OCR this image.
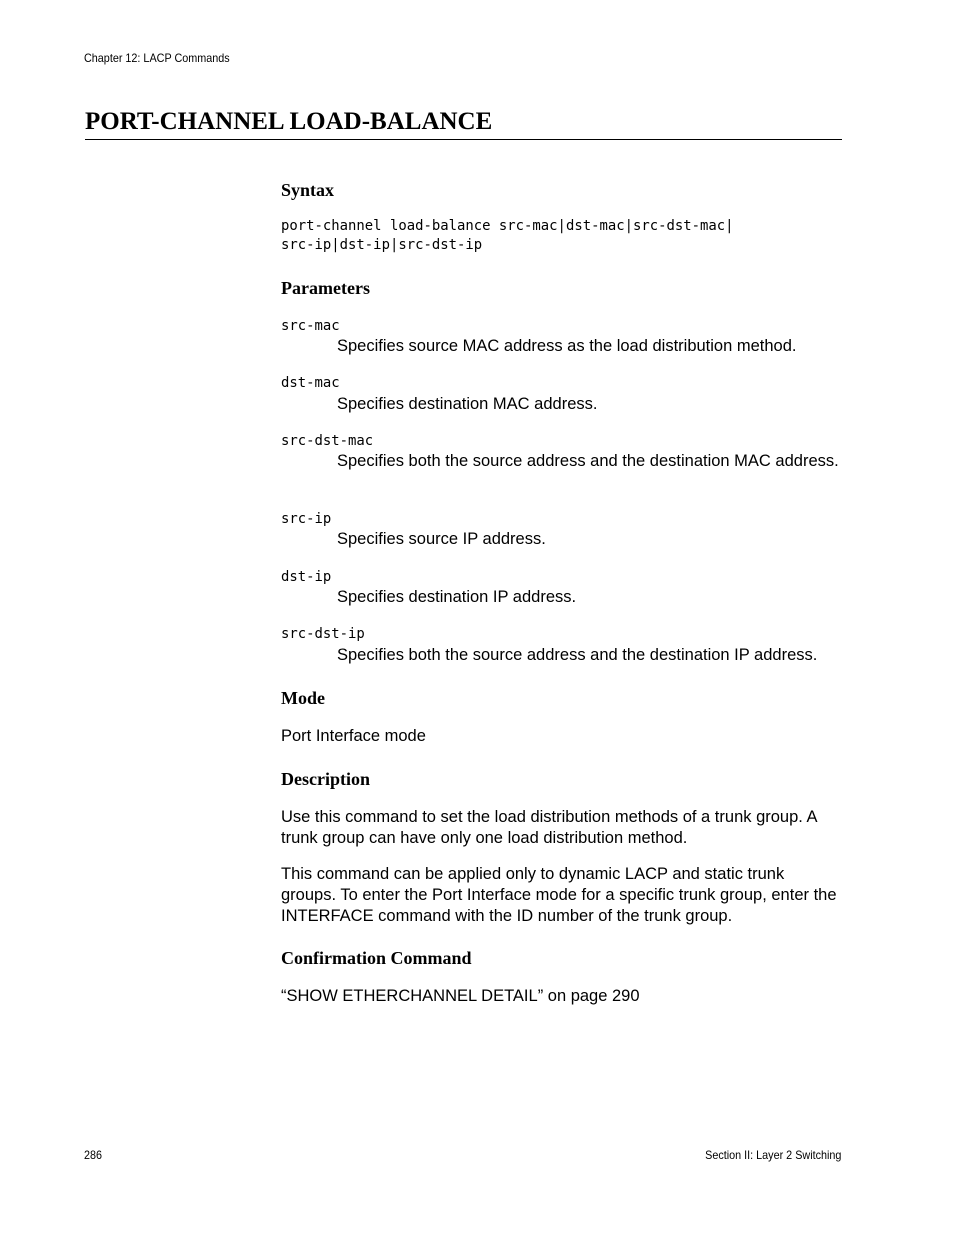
Chapter 12: LACP Commands
PORT-CHANNEL LOAD-BALANCE
Syntax
port-channel load-balance src-mac|dst-mac|src-dst-mac|
src-ip|dst-ip|src-dst-ip
Parameters
src-mac
Specifies source MAC address as the load distribution method.
dst-mac
Specifies destination MAC address.
src-dst-mac
Specifies both the source address and the destination MAC address.
src-ip
Specifies source IP address.
dst-ip
Specifies destination IP address.
src-dst-ip
Specifies both the source address and the destination IP address.
Mode
Port Interface mode
Description
Use this command to set the load distribution methods of a trunk group. A trunk group can have only one load distribution method.
This command can be applied only to dynamic LACP and static trunk groups. To enter the Port Interface mode for a specific trunk group, enter the INTERFACE command with the ID number of the trunk group.
Confirmation Command
“SHOW ETHERCHANNEL DETAIL” on page 290
286	Section II: Layer 2 Switching
